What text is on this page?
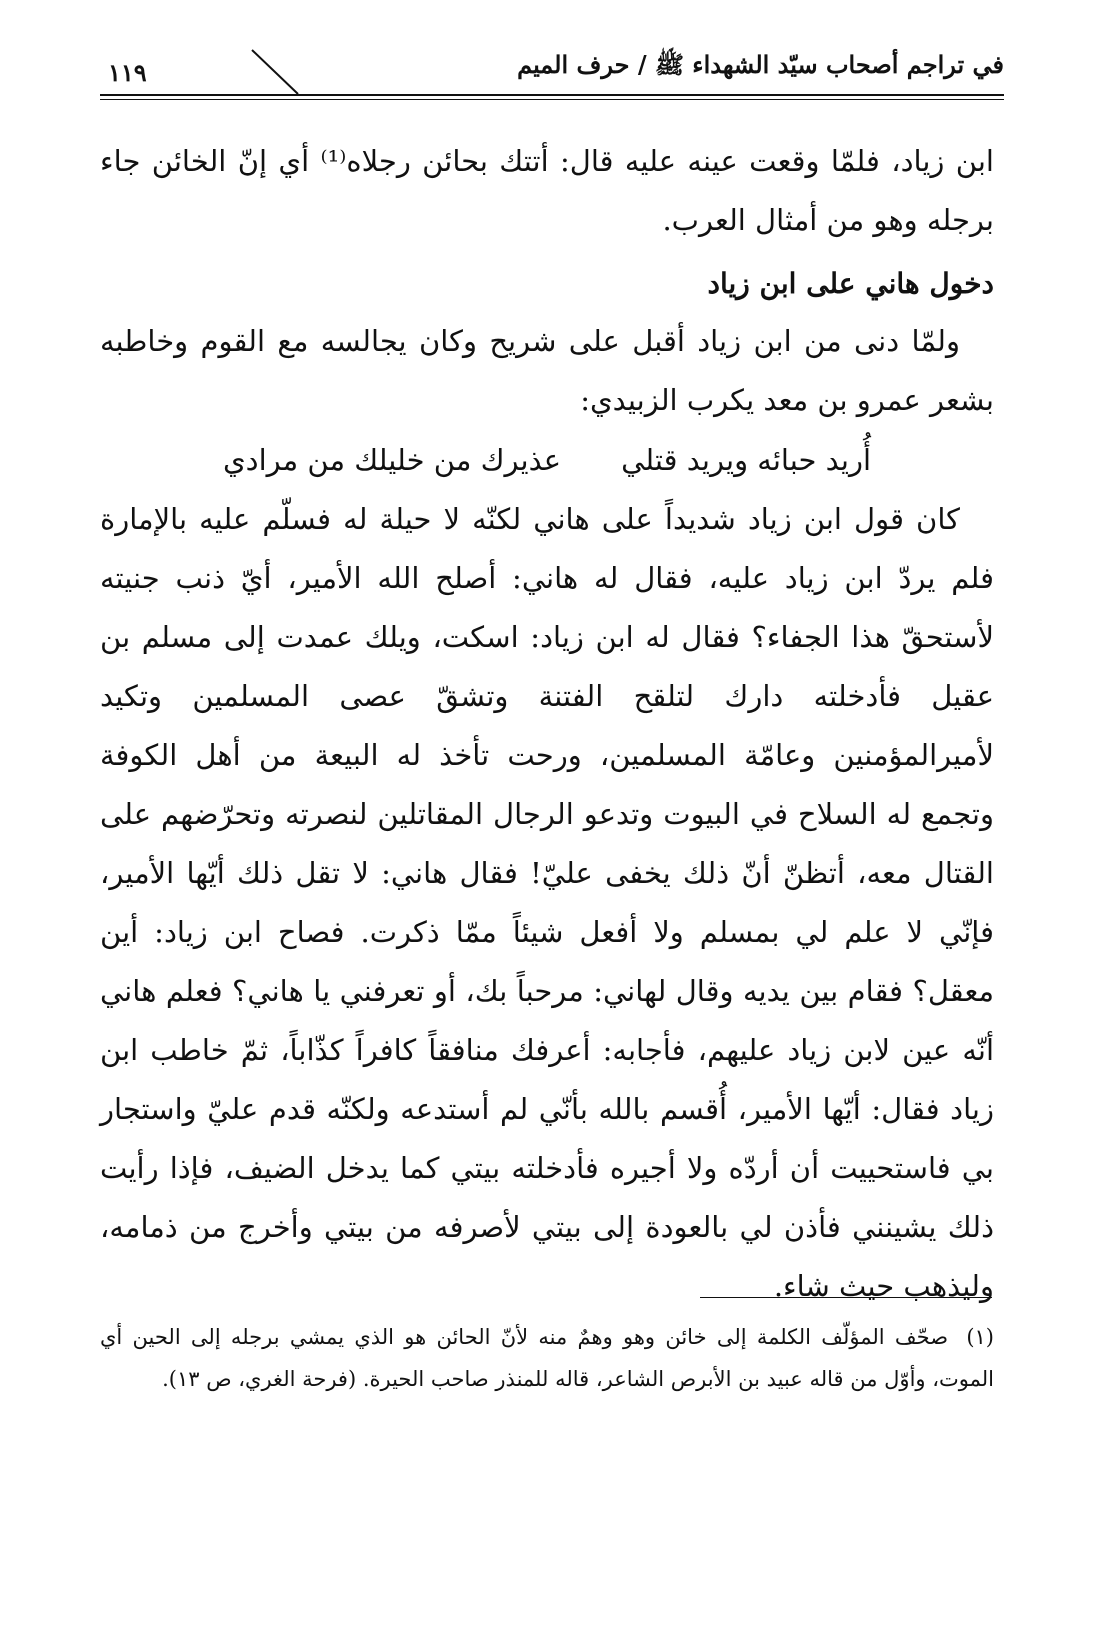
في تراجم أصحاب سيّد الشهداء ﷺ / حرف الميم
١١٩

ابن زياد، فلمّا وقعت عينه عليه قال: أتتك بحائن رجلاه⁽¹⁾ أي إنّ الخائن جاء برجله وهو من أمثال العرب.

دخول هاني على ابن زياد

ولمّا دنى من ابن زياد أقبل على شريح وكان يجالسه مع القوم وخاطبه بشعر عمرو بن معد يكرب الزبيدي:

أُريد حبائه ويريد قتلي
عذيرك من خليلك من مرادي

كان قول ابن زياد شديداً على هاني لكنّه لا حيلة له فسلّم عليه بالإمارة فلم يردّ ابن زياد عليه، فقال له هاني: أصلح الله الأمير، أيّ ذنب جنيته لأستحقّ هذا الجفاء؟ فقال له ابن زياد: اسكت، ويلك عمدت إلى مسلم بن عقيل فأدخلته دارك لتلقح الفتنة وتشقّ عصى المسلمين وتكيد لأميرالمؤمنين وعامّة المسلمين، ورحت تأخذ له البيعة من أهل الكوفة وتجمع له السلاح في البيوت وتدعو الرجال المقاتلين لنصرته وتحرّضهم على القتال معه، أتظنّ أنّ ذلك يخفى عليّ! فقال هاني: لا تقل ذلك أيّها الأمير، فإنّي لا علم لي بمسلم ولا أفعل شيئاً ممّا ذكرت. فصاح ابن زياد: أين معقل؟ فقام بين يديه وقال لهاني: مرحباً بك، أو تعرفني يا هاني؟ فعلم هاني أنّه عين لابن زياد عليهم، فأجابه: أعرفك منافقاً كافراً كذّاباً، ثمّ خاطب ابن زياد فقال: أيّها الأمير، أُقسم بالله بأنّي لم أستدعه ولكنّه قدم عليّ واستجار بي فاستحييت أن أردّه ولا أجيره فأدخلته بيتي كما يدخل الضيف، فإذا رأيت ذلك يشينني فأذن لي بالعودة إلى بيتي لأصرفه من بيتي وأخرج من ذمامه، وليذهب حيث شاء.

(١) صحّف المؤلّف الكلمة إلى خائن وهو وهمٌ منه لأنّ الحائن هو الذي يمشي برجله إلى الحين أي الموت، وأوّل من قاله عبيد بن الأبرص الشاعر، قاله للمنذر صاحب الحيرة. (فرحة الغري، ص ١٣).
